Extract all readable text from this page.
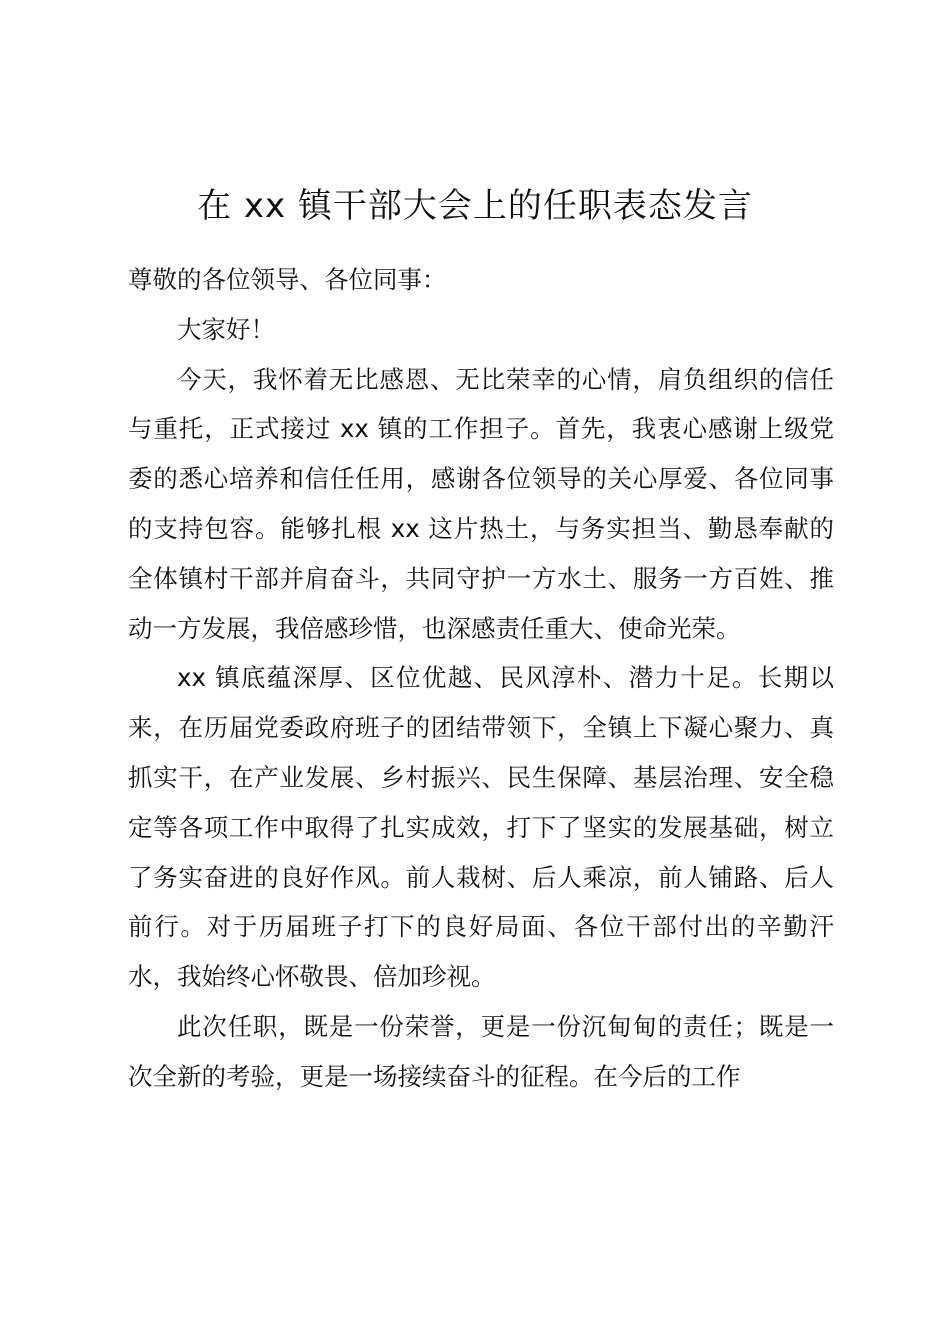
在 xx 镇干部大会上的任职表态发言

尊敬的各位领导、各位同事：

大家好！

今天，我怀着无比感恩、无比荣幸的心情，肩负组织的信任与重托，正式接过 xx 镇的工作担子。首先，我衷心感谢上级党委的悉心培养和信任任用，感谢各位领导的关心厚爱、各位同事的支持包容。能够扎根 xx 这片热土，与务实担当、勤恳奉献的全体镇村干部并肩奋斗，共同守护一方水土、服务一方百姓、推动一方发展，我倍感珍惜，也深感责任重大、使命光荣。

xx 镇底蕴深厚、区位优越、民风淳朴、潜力十足。长期以来，在历届党委政府班子的团结带领下，全镇上下凝心聚力、真抓实干，在产业发展、乡村振兴、民生保障、基层治理、安全稳定等各项工作中取得了扎实成效，打下了坚实的发展基础，树立了务实奋进的良好作风。前人栽树、后人乘凉，前人铺路、后人前行。对于历届班子打下的良好局面、各位干部付出的辛勤汗水，我始终心怀敬畏、倍加珍视。

此次任职，既是一份荣誉，更是一份沉甸甸的责任；既是一次全新的考验，更是一场接续奋斗的征程。在今后的工作
